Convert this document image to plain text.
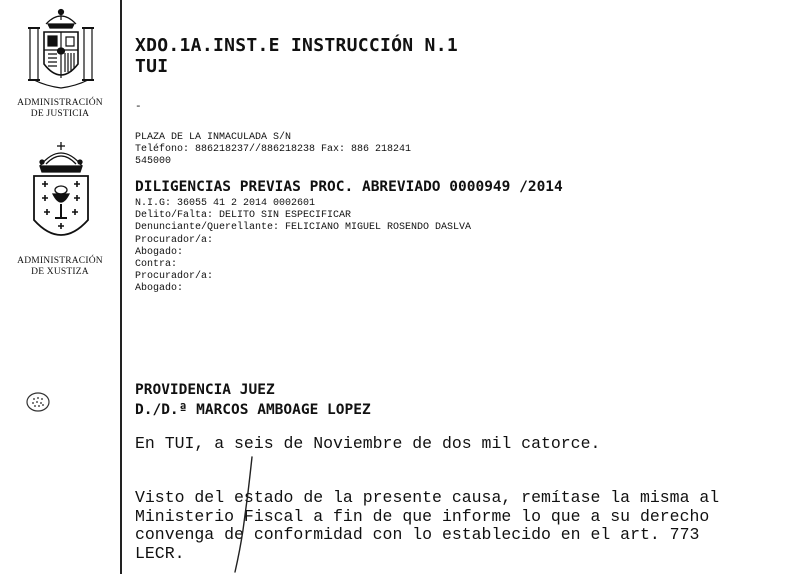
ADMINISTRACIÓN
DE JUSTICIA
ADMINISTRACIÓN
DE XUSTIZA
XDO.1A.INST.E INSTRUCCIÓN N.1
TUI
-
PLAZA DE LA INMACULADA S/N
Teléfono: 886218237//886218238 Fax: 886 218241
545000
DILIGENCIAS PREVIAS PROC. ABREVIADO 0000949 /2014
N.I.G: 36055 41 2 2014 0002601
Delito/Falta: DELITO SIN ESPECIFICAR
Denunciante/Querellante: FELICIANO MIGUEL ROSENDO DASLVA
Procurador/a:
Abogado:
Contra:
Procurador/a:
Abogado:
PROVIDENCIA JUEZ
D./D.ª MARCOS AMBOAGE LOPEZ
En TUI, a seis de Noviembre de dos mil catorce.
Visto del estado de la presente causa, remítase la misma al
Ministerio Fiscal a fin de que informe lo que a su derecho
convenga de conformidad con lo establecido en el art. 773
LECR.
